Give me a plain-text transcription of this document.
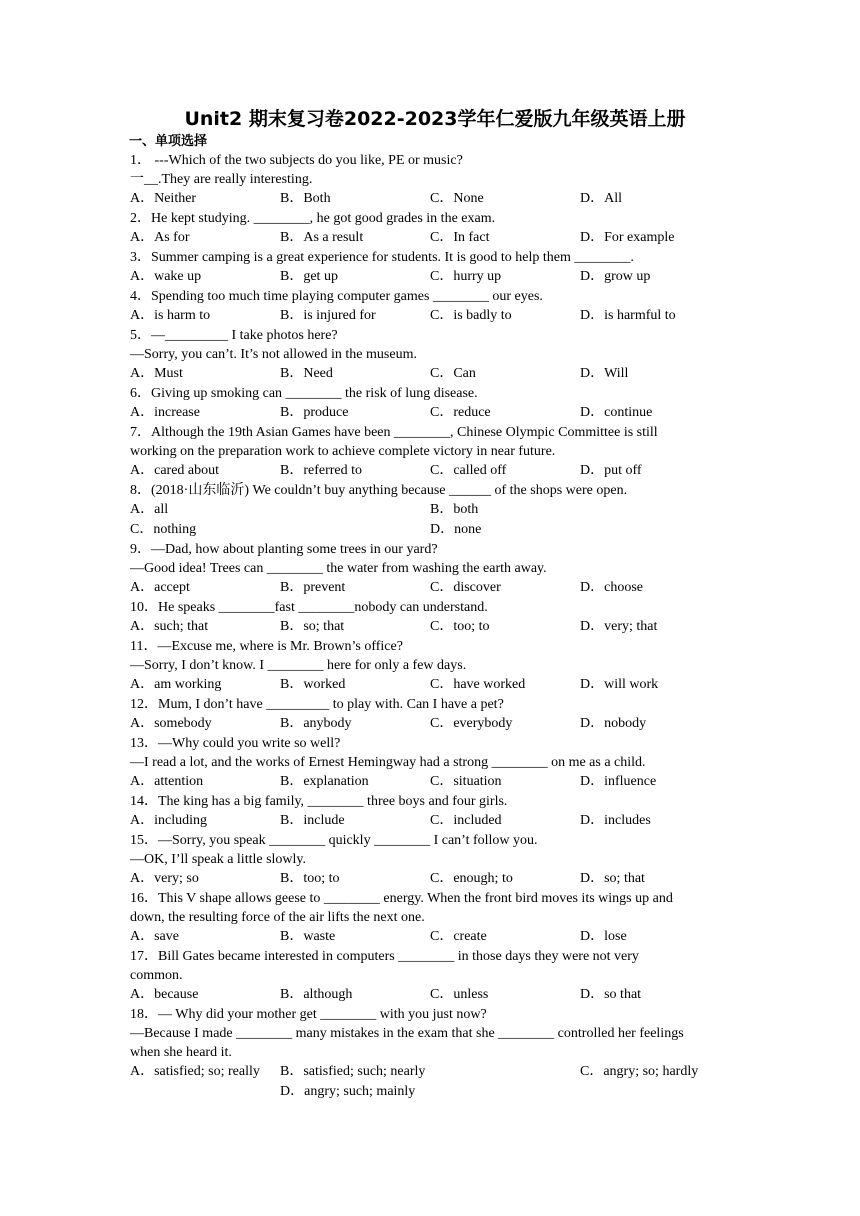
Unit2 期末复习卷2022-2023学年仁爱版九年级英语上册
一、单项选择
1． ---Which of the two subjects do you like, PE or music?
一__.They are really interesting.
A．Neither	B．Both	C．None	D．All
2．He kept studying. ________, he got good grades in the exam.
A．As for	B．As a result	C．In fact	D．For example
3．Summer camping is a great experience for students. It is good to help them ________.
A．wake up	B．get up	C．hurry up	D．grow up
4．Spending too much time playing computer games ________ our eyes.
A．is harm to	B．is injured for	C．is badly to	D．is harmful to
5．—_________ I take photos here?
—Sorry, you can’t. It’s not allowed in the museum.
A．Must	B．Need	C．Can	D．Will
6．Giving up smoking can ________ the risk of lung disease.
A．increase	B．produce	C．reduce	D．continue
7．Although the 19th Asian Games have been ________, Chinese Olympic Committee is still
working on the preparation work to achieve complete victory in near future.
A．cared about	B．referred to	C．called off	D．put off
8．(2018·山东临沂) We couldn’t buy anything because ______ of the shops were open.
A．all	B．both
C．nothing	D．none
9．—Dad, how about planting some trees in our yard?
—Good idea! Trees can ________ the water from washing the earth away.
A．accept	B．prevent	C．discover	D．choose
10．He speaks ________fast ________nobody can understand.
A．such; that	B．so; that	C．too; to	D．very; that
11．—Excuse me, where is Mr. Brown’s office?
—Sorry, I don’t know. I ________ here for only a few days.
A．am working	B．worked	C．have worked	D．will work
12．Mum, I don’t have _________ to play with. Can I have a pet?
A．somebody	B．anybody	C．everybody	D．nobody
13．—Why could you write so well?
—I read a lot, and the works of Ernest Hemingway had a strong ________ on me as a child.
A．attention	B．explanation	C．situation	D．influence
14．The king has a big family, ________ three boys and four girls.
A．including	B．include	C．included	D．includes
15．—Sorry, you speak ________ quickly ________ I can’t follow you.
—OK, I’ll speak a little slowly.
A．very; so	B．too; to	C．enough; to	D．so; that
16．This V shape allows geese to ________ energy. When the front bird moves its wings up and
down, the resulting force of the air lifts the next one.
A．save	B．waste	C．create	D．lose
17．Bill Gates became interested in computers ________ in those days they were not very
common.
A．because	B．although	C．unless	D．so that
18．— Why did your mother get ________ with you just now?
—Because I made ________ many mistakes in the exam that she ________ controlled her feelings
when she heard it.
A．satisfied; so; really	B．satisfied; such; nearly	C．angry; so; hardly
D．angry; such; mainly
